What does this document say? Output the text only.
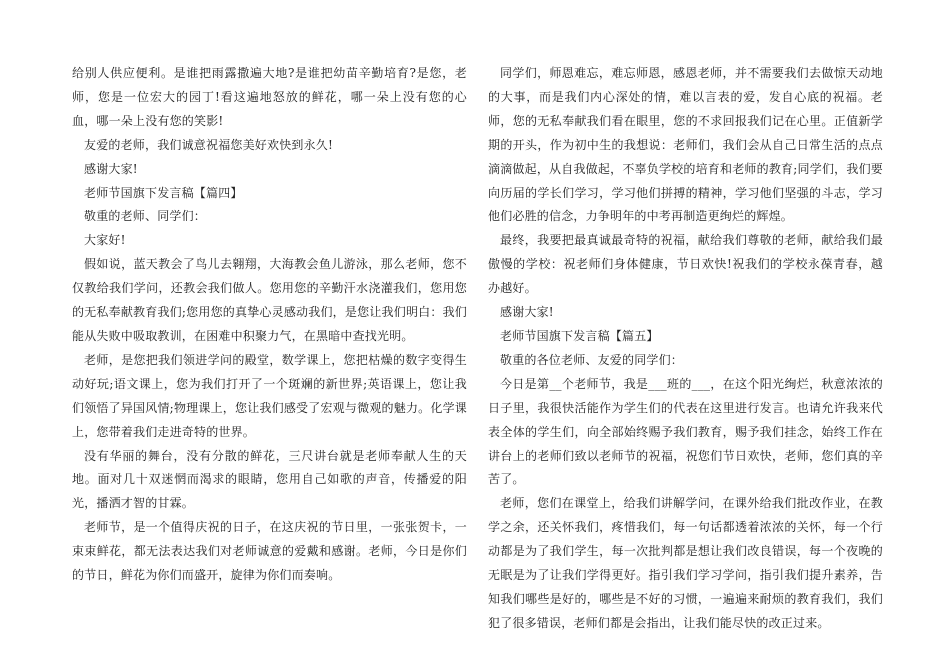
给别人供应便利。是谁把雨露撒遍大地?是谁把幼苗辛勤培育?是您，老师，您是一位宏大的园丁!看这遍地怒放的鲜花，哪一朵上没有您的心血，哪一朵上没有您的笑影!

友爱的老师，我们诚意祝福您美好欢快到永久!

感谢大家!

老师节国旗下发言稿【篇四】

敬重的老师、同学们：

大家好!

假如说，蓝天教会了鸟儿去翱翔，大海教会鱼儿游泳，那么老师，您不仅教给我们学问，还教会我们做人。您用您的辛勤汗水浇灌我们，您用您的无私奉献教育我们;您用您的真挚心灵感动我们，是您让我们明白：我们能从失败中吸取教训，在困难中积聚力气，在黑暗中查找光明。

老师，是您把我们领进学问的殿堂，数学课上，您把枯燥的数字变得生动好玩;语文课上，您为我们打开了一个斑斓的新世界;英语课上，您让我们领悟了异国风情;物理课上，您让我们感受了宏观与微观的魅力。化学课上，您带着我们走进奇特的世界。

没有华丽的舞台，没有分散的鲜花，三尺讲台就是老师奉献人生的天地。面对几十双迷惘而渴求的眼睛，您用自己如歌的声音，传播爱的阳光，播洒才智的甘霖。

老师节，是一个值得庆祝的日子，在这庆祝的节日里，一张张贺卡，一束束鲜花，都无法表达我们对老师诚意的爱戴和感谢。老师，今日是你们的节日，鲜花为你们而盛开，旋律为你们而奏响。

同学们，师恩难忘，难忘师恩，感恩老师，并不需要我们去做惊天动地的大事，而是我们内心深处的情，难以言表的爱，发自心底的祝福。老师，您的无私奉献我们看在眼里，您的不求回报我们记在心里。正值新学期的开头，作为初中生的我想说：老师们，我们会从自己日常生活的点点滴滴做起，从自我做起，不辜负学校的培育和老师的教育;同学们，我们要向历届的学长们学习，学习他们拼搏的精神，学习他们坚强的斗志，学习他们必胜的信念，力争明年的中考再制造更绚烂的辉煌。

最终，我要把最真诚最奇特的祝福，献给我们尊敬的老师，献给我们最傲慢的学校：祝老师们身体健康，节日欢快!祝我们的学校永葆青春，越办越好。

感谢大家!

老师节国旗下发言稿【篇五】

敬重的各位老师、友爱的同学们：

今日是第__个老师节，我是___班的___，在这个阳光绚烂，秋意浓浓的日子里，我很快活能作为学生们的代表在这里进行发言。也请允许我来代表全体的学生们，向全部始终赐予我们教育，赐予我们挂念，始终工作在讲台上的老师们致以老师节的祝福，祝您们节日欢快，老师，您们真的辛苦了。

老师，您们在课堂上，给我们讲解学问，在课外给我们批改作业，在教学之余，还关怀我们，疼惜我们，每一句话都透着浓浓的关怀，每一个行动都是为了我们学生，每一次批判都是想让我们改良错误，每一个夜晚的无眠是为了让我们学得更好。指引我们学习学问，指引我们提升素养，告知我们哪些是好的，哪些是不好的习惯，一遍遍来耐烦的教育我们，我们犯了很多错误，老师们都是会指出，让我们能尽快的改正过来。
